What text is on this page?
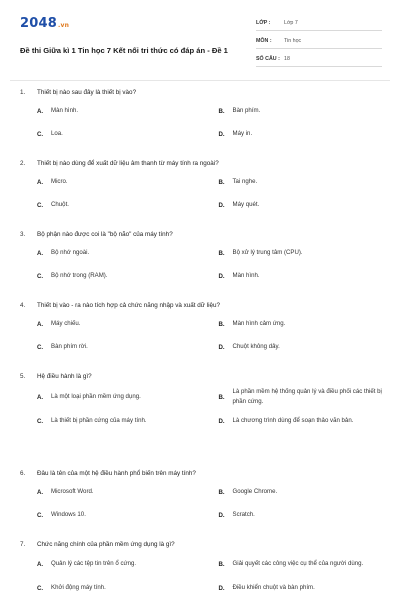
2048.vn
Đề thi Giữa kì 1 Tin học 7 Kết nối tri thức có đáp án - Đề 1
LỚP :	Lớp 7
MÔN :	Tin học
SỐ CÂU : 18
1.	Thiết bị nào sau đây là thiết bị vào?
A.	Màn hình.	B.	Bàn phím.
C.	Loa.	D.	Máy in.
2.	Thiết bị nào dùng để xuất dữ liệu âm thanh từ máy tính ra ngoài?
A.	Micro.	B.	Tai nghe.
C.	Chuột.	D.	Máy quét.
3.	Bộ phận nào được coi là "bộ não" của máy tính?
A.	Bộ nhớ ngoài.	B.	Bộ xử lý trung tâm (CPU).
C.	Bộ nhớ trong (RAM).	D.	Màn hình.
4.	Thiết bị vào - ra nào tích hợp cả chức năng nhập và xuất dữ liệu?
A.	Máy chiếu.	B.	Màn hình cảm ứng.
C.	Bàn phím rời.	D.	Chuột không dây.
5.	Hệ điều hành là gì?
A.	Là một loại phần mềm ứng dụng.	B.
Là phần mềm hệ thống quản lý và điều phối các thiết bị phần cứng.
C.	Là thiết bị phần cứng của máy tính.	D.	Là chương trình dùng để soạn thảo văn bản.
6.	Đâu là tên của một hệ điều hành phổ biến trên máy tính?
A.	Microsoft Word.	B.	Google Chrome.
C.	Windows 10.	D.	Scratch.
7.	Chức năng chính của phần mềm ứng dụng là gì?
A.	Quản lý các tệp tin trên ổ cứng.	B.	Giải quyết các công việc cụ thể của người dùng.
C.	Khởi động máy tính.	D.	Điều khiển chuột và bàn phím.
